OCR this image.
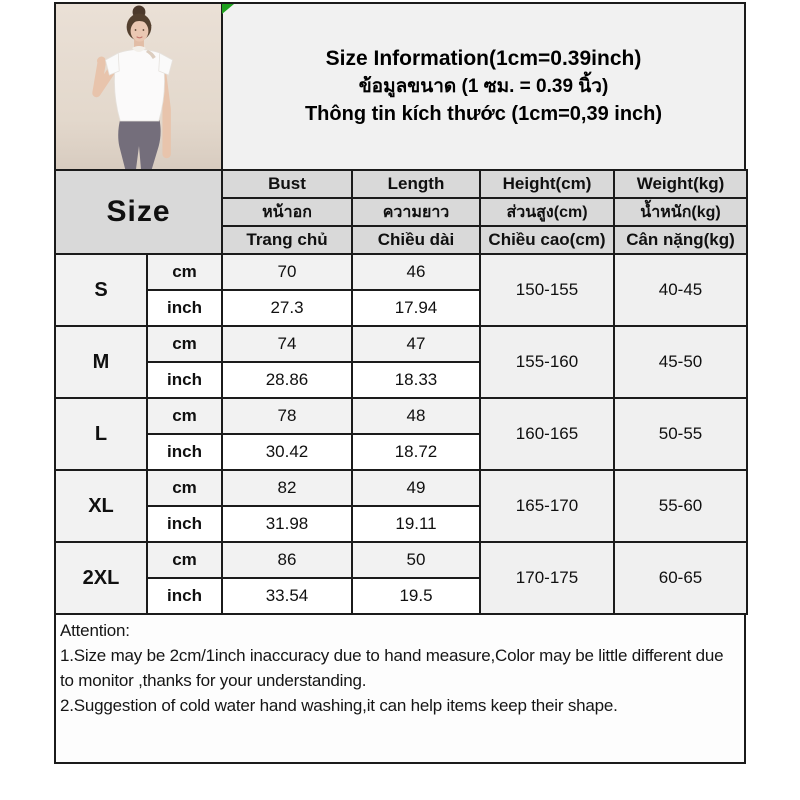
Size Information(1cm=0.39inch)
ข้อมูลขนาด (1 ซม. = 0.39 นิ้ว)
Thông tin kích thước (1cm=0,39 inch)
Size		Bust	Length	Height(cm)	Weight(kg)
		หน้าอก	ความยาว	ส่วนสูง(cm)	น้ำหนัก(kg)
		Trang chủ	Chiều dài	Chiều cao(cm)	Cân nặng(kg)
S	cm	70	46	150-155	40-45
	inch	27.3	17.94		
M	cm	74	47	155-160	45-50
	inch	28.86	18.33		
L	cm	78	48	160-165	50-55
	inch	30.42	18.72		
XL	cm	82	49	165-170	55-60
	inch	31.98	19.11		
2XL	cm	86	50	170-175	60-65
	inch	33.54	19.5		
Attention:
1.Size may be 2cm/1inch inaccuracy due to hand measure,Color may be little different due to monitor ,thanks for your understanding.
2.Suggestion of cold water hand washing,it can help items keep their shape.
